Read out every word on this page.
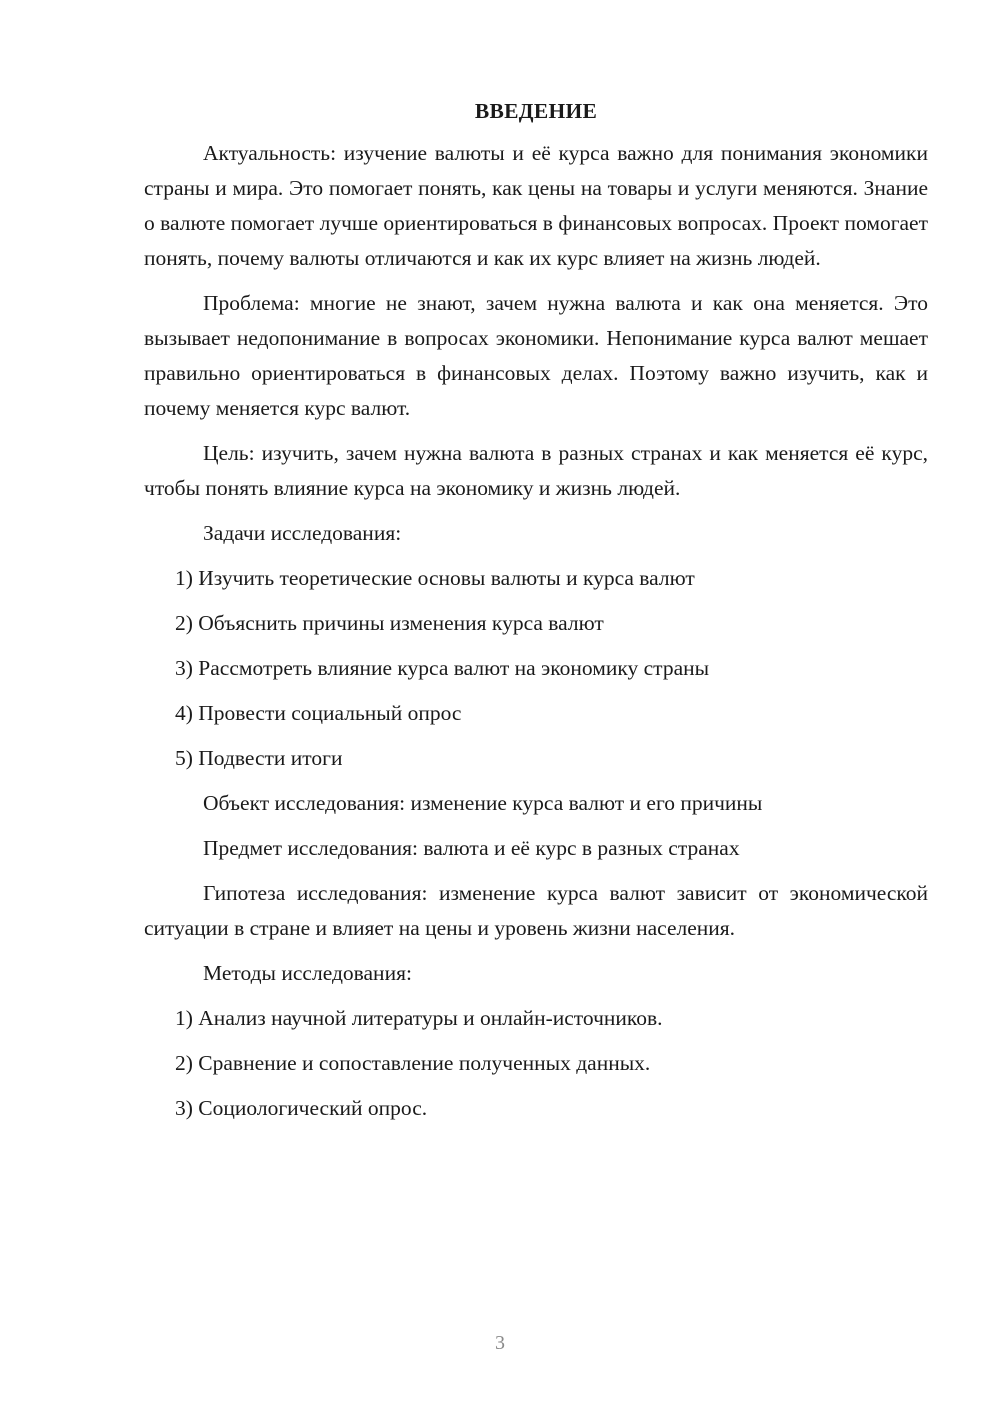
ВВЕДЕНИЕ

Актуальность: изучение валюты и её курса важно для понимания экономики страны и мира. Это помогает понять, как цены на товары и услуги меняются. Знание о валюте помогает лучше ориентироваться в финансовых вопросах. Проект помогает понять, почему валюты отличаются и как их курс влияет на жизнь людей.

Проблема: многие не знают, зачем нужна валюта и как она меняется. Это вызывает недопонимание в вопросах экономики. Непонимание курса валют мешает правильно ориентироваться в финансовых делах. Поэтому важно изучить, как и почему меняется курс валют.

Цель: изучить, зачем нужна валюта в разных странах и как меняется её курс, чтобы понять влияние курса на экономику и жизнь людей.

Задачи исследования:
1) Изучить теоретические основы валюты и курса валют
2) Объяснить причины изменения курса валют
3) Рассмотреть влияние курса валют на экономику страны
4) Провести социальный опрос
5) Подвести итоги
Объект исследования: изменение курса валют и его причины
Предмет исследования: валюта и её курс в разных странах

Гипотеза исследования: изменение курса валют зависит от экономической ситуации в стране и влияет на цены и уровень жизни населения.

Методы исследования:
1) Анализ научной литературы и онлайн-источников.
2) Сравнение и сопоставление полученных данных.
3) Социологический опрос.
3
